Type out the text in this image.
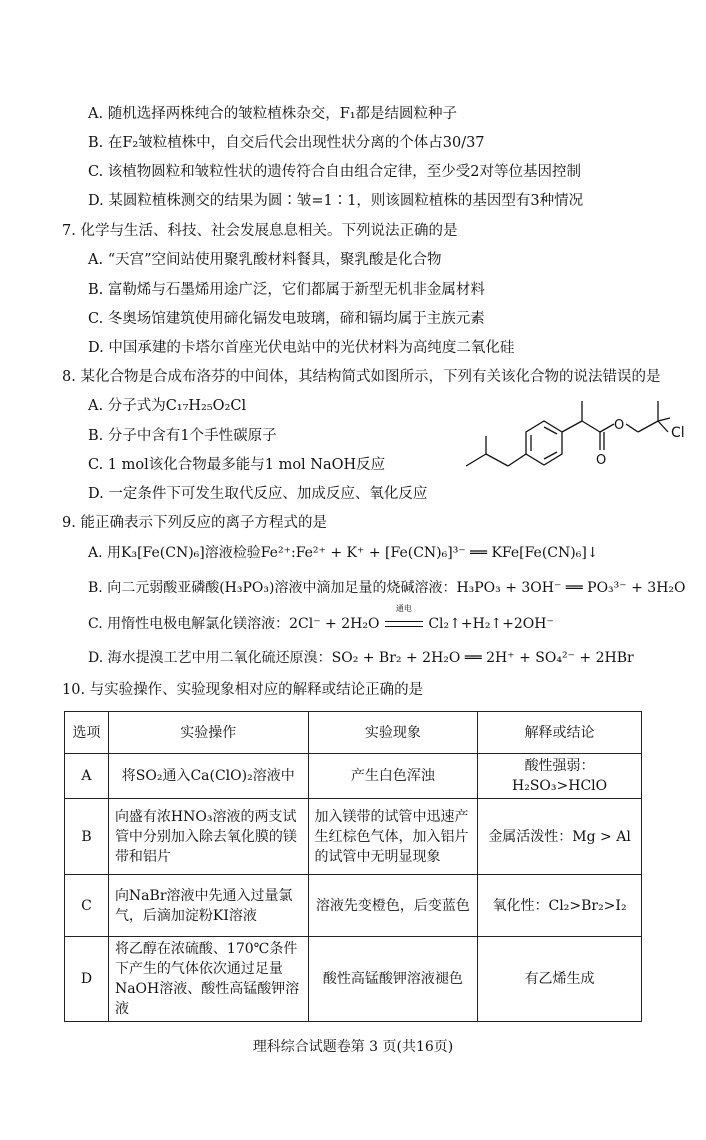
A. 随机选择两株纯合的皱粒植株杂交，F₁都是结圆粒种子
B. 在F₂皱粒植株中，自交后代会出现性状分离的个体占30/37
C. 该植物圆粒和皱粒性状的遗传符合自由组合定律，至少受2对等位基因控制
D. 某圆粒植株测交的结果为圆∶皱=1∶1，则该圆粒植株的基因型有3种情况
7. 化学与生活、科技、社会发展息息相关。下列说法正确的是
A. “天宫”空间站使用聚乳酸材料餐具，聚乳酸是化合物
B. 富勒烯与石墨烯用途广泛，它们都属于新型无机非金属材料
C. 冬奥场馆建筑使用碲化镉发电玻璃，碲和镉均属于主族元素
D. 中国承建的卡塔尔首座光伏电站中的光伏材料为高纯度二氧化硅
8. 某化合物是合成布洛芬的中间体，其结构简式如图所示，下列有关该化合物的说法错误的是
A. 分子式为C₁₇H₂₅O₂Cl
B. 分子中含有1个手性碳原子
C. 1 mol该化合物最多能与1 mol NaOH反应
D. 一定条件下可发生取代反应、加成反应、氧化反应
O
O
Cl
9. 能正确表示下列反应的离子方程式的是
A. 用K₃[Fe(CN)₆]溶液检验Fe²⁺:Fe²⁺ + K⁺ + [Fe(CN)₆]³⁻ ══ KFe[Fe(CN)₆]↓
B. 向二元弱酸亚磷酸(H₃PO₃)溶液中滴加足量的烧碱溶液：H₃PO₃ + 3OH⁻ ══ PO₃³⁻ + 3H₂O
C. 用惰性电极电解氯化镁溶液：2Cl⁻ + 2H₂O
通电
Cl₂↑+H₂↑+2OH⁻
D. 海水提溴工艺中用二氧化硫还原溴：SO₂ + Br₂ + 2H₂O ══ 2H⁺ + SO₄²⁻ + 2HBr
10. 与实验操作、实验现象相对应的解释或结论正确的是
选项	实验操作	实验现象	解释或结论
A	将SO₂通入Ca(ClO)₂溶液中	产生白色浑浊	酸性强弱：H₂SO₃>HClO
B	向盛有浓HNO₃溶液的两支试管中分别加入除去氧化膜的镁带和铝片	加入镁带的试管中迅速产生红棕色气体，加入铝片的试管中无明显现象	金属活泼性：Mg > Al
C	向NaBr溶液中先通入过量氯气，后滴加淀粉KI溶液	溶液先变橙色，后变蓝色	氧化性：Cl₂>Br₂>I₂
D	将乙醇在浓硫酸、170℃条件下产生的气体依次通过足量NaOH溶液、酸性高锰酸钾溶液	酸性高锰酸钾溶液褪色	有乙烯生成
理科综合试题卷第 3 页(共16页)
